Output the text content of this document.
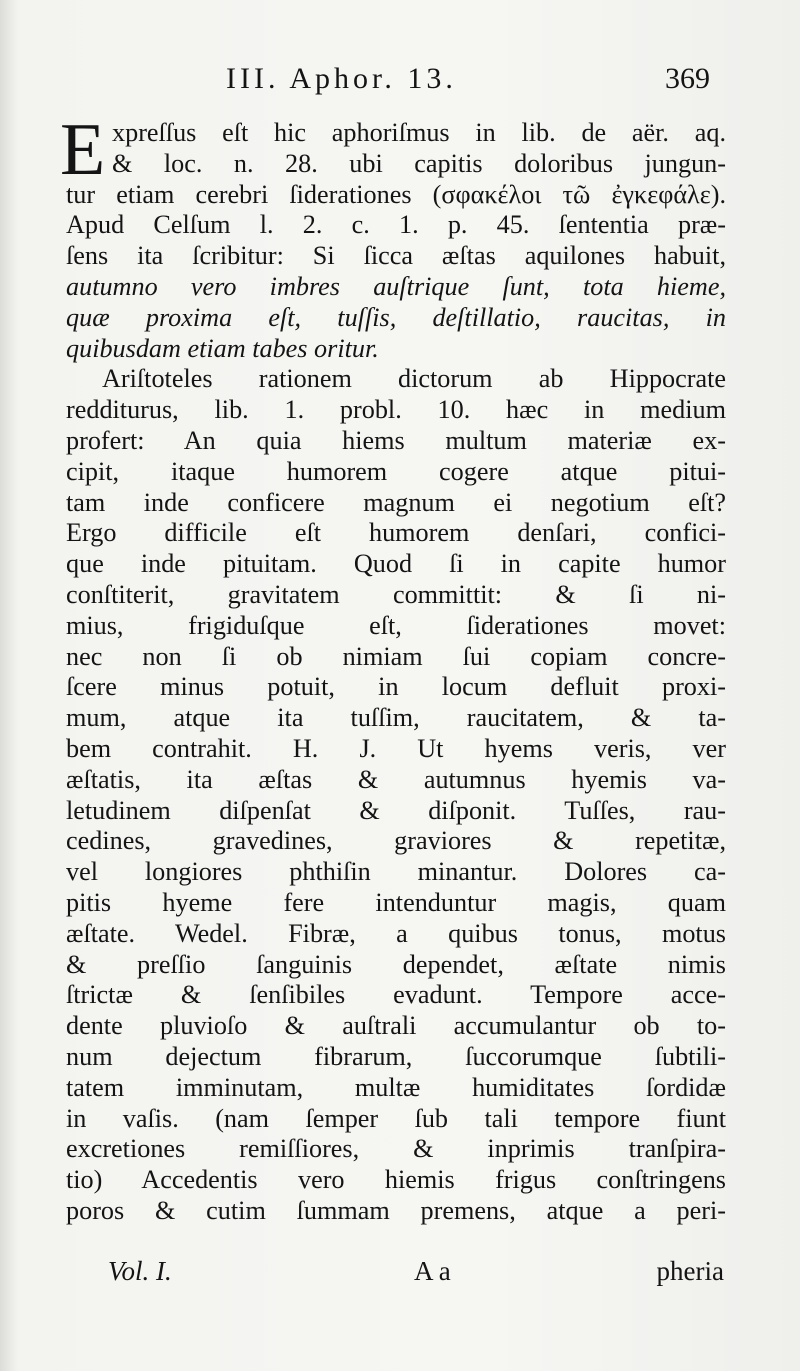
III. Aphor. 13.	369
E xpreſſus eſt hic aphoriſmus in lib. de aër. aq.
& loc. n. 28. ubi capitis doloribus jungun-
tur etiam cerebri ſiderationes (σφακέλοι τῶ ἐγκεφάλε).
Apud Celſum l. 2. c. 1. p. 45. ſententia præ-
ſens ita ſcribitur: Si ſicca æſtas aquilones habuit,
autumno vero imbres auſtrique ſunt, tota hieme,
quæ proxima eſt, tuſſis, deſtillatio, raucitas, in
quibusdam etiam tabes oritur.
Ariſtoteles rationem dictorum ab Hippocrate
redditurus, lib. 1. probl. 10. hæc in medium
profert: An quia hiems multum materiæ ex-
cipit, itaque humorem cogere atque pitui-
tam inde conficere magnum ei negotium eſt?
Ergo difficile eſt humorem denſari, confici-
que inde pituitam. Quod ſi in capite humor
conſtiterit, gravitatem committit: & ſi ni-
mius, frigiduſque eſt, ſiderationes movet:
nec non ſi ob nimiam ſui copiam concre-
ſcere minus potuit, in locum defluit proxi-
mum, atque ita tuſſim, raucitatem, & ta-
bem contrahit. H. J. Ut hyems veris, ver
æſtatis, ita æſtas & autumnus hyemis va-
letudinem diſpenſat & diſponit. Tuſſes, rau-
cedines, gravedines, graviores & repetitæ,
vel longiores phthiſin minantur. Dolores ca-
pitis hyeme fere intenduntur magis, quam
æſtate. Wedel. Fibræ, a quibus tonus, motus
& preſſio ſanguinis dependet, æſtate nimis
ſtrictæ & ſenſibiles evadunt. Tempore acce-
dente pluvioſo & auſtrali accumulantur ob to-
num dejectum fibrarum, ſuccorumque ſubtili-
tatem imminutam, multæ humiditates ſordidæ
in vaſis. (nam ſemper ſub tali tempore fiunt
excretiones remiſſiores, & inprimis tranſpira-
tio) Accedentis vero hiemis frigus conſtringens
poros & cutim ſummam premens, atque a peri-
Vol. I.	A a	pheria
